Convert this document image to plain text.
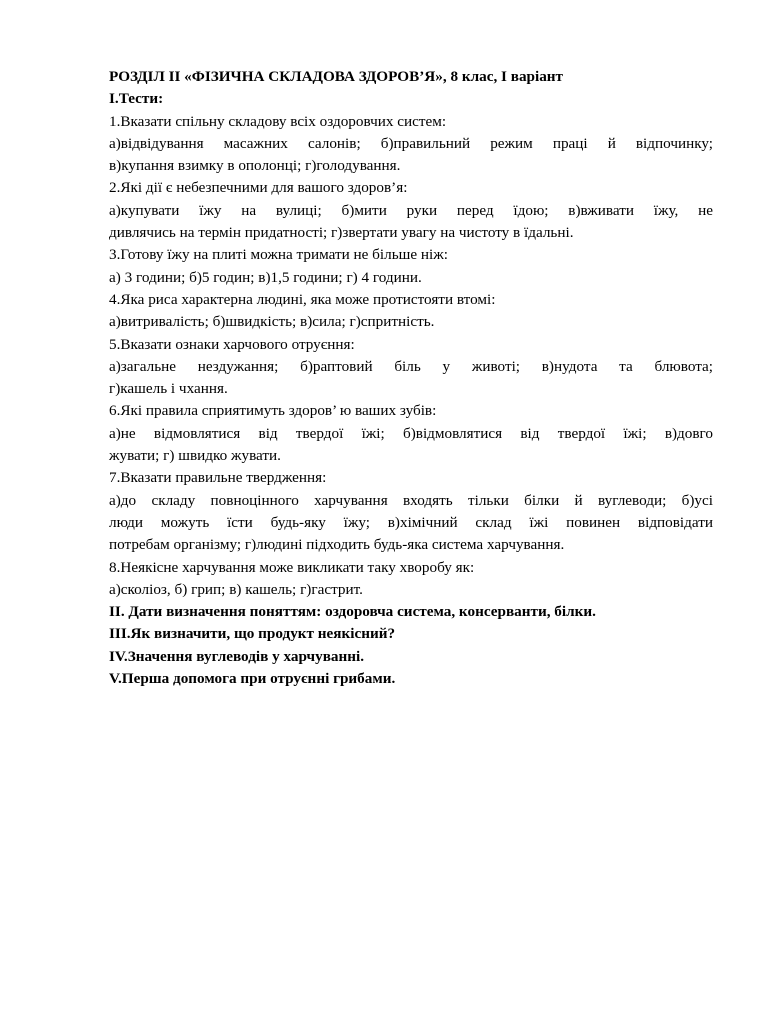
РОЗДІЛ ІІ «ФІЗИЧНА СКЛАДОВА ЗДОРОВ’Я», 8 клас, І варіант
І.Тести:
1.Вказати спільну складову всіх оздоровчих систем:
а)відвідування масажних салонів; б)правильний режим праці й відпочинку;
в)купання взимку в ополонці; г)голодування.
2.Які дії є небезпечними для вашого здоров’я:
а)купувати їжу на вулиці; б)мити руки перед їдою; в)вживати їжу, не
дивлячись на термін придатності; г)звертати увагу на чистоту в їдальні.
3.Готову їжу на плиті можна тримати не більше ніж:
а) 3 години; б)5 годин; в)1,5 години; г) 4 години.
4.Яка риса характерна людині, яка може протистояти втомі:
а)витривалість; б)швидкість; в)сила; г)спритність.
5.Вказати ознаки харчового отруєння:
а)загальне нездужання; б)раптовий біль у животі; в)нудота та блювота;
г)кашель і чхання.
6.Які правила сприятимуть здоров’ ю ваших зубів:
а)не відмовлятися від твердої їжі; б)відмовлятися від твердої їжі; в)довго
жувати; г) швидко жувати.
7.Вказати правильне твердження:
а)до складу повноцінного харчування входять тільки білки й вуглеводи; б)усі
люди можуть їсти будь-яку їжу; в)хімічний склад їжі повинен відповідати
потребам організму; г)людині підходить будь-яка система харчування.
8.Неякісне харчування може викликати таку хворобу як:
а)сколіоз, б) грип; в) кашель; г)гастрит.
ІІ. Дати визначення поняттям: оздоровча система, консерванти, білки.
ІІІ.Як визначити, що продукт неякісний?
IV.Значення вуглеводів у харчуванні.
V.Перша допомога при отруєнні грибами.
